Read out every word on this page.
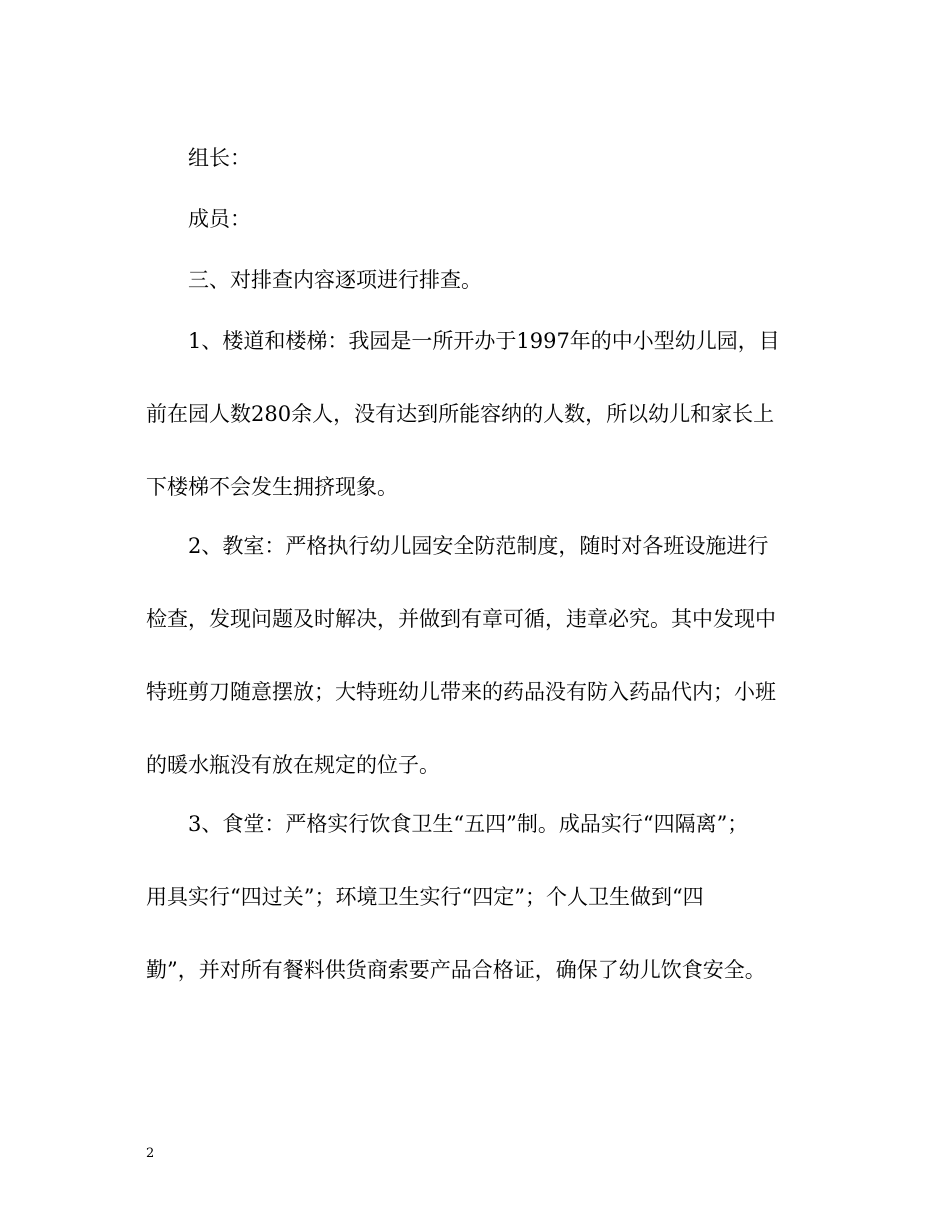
组长：
成员：
三、对排查内容逐项进行排查。
1、楼道和楼梯：我园是一所开办于1997年的中小型幼儿园，目
前在园人数280余人，没有达到所能容纳的人数，所以幼儿和家长上
下楼梯不会发生拥挤现象。
2、教室：严格执行幼儿园安全防范制度，随时对各班设施进行
检查，发现问题及时解决，并做到有章可循，违章必究。其中发现中
特班剪刀随意摆放；大特班幼儿带来的药品没有防入药品代内；小班
的暖水瓶没有放在规定的位子。
3、食堂：严格实行饮食卫生“五四”制。成品实行“四隔离”；
用具实行“四过关”；环境卫生实行“四定”；个人卫生做到“四
勤”，并对所有餐料供货商索要产品合格证，确保了幼儿饮食安全。
2
